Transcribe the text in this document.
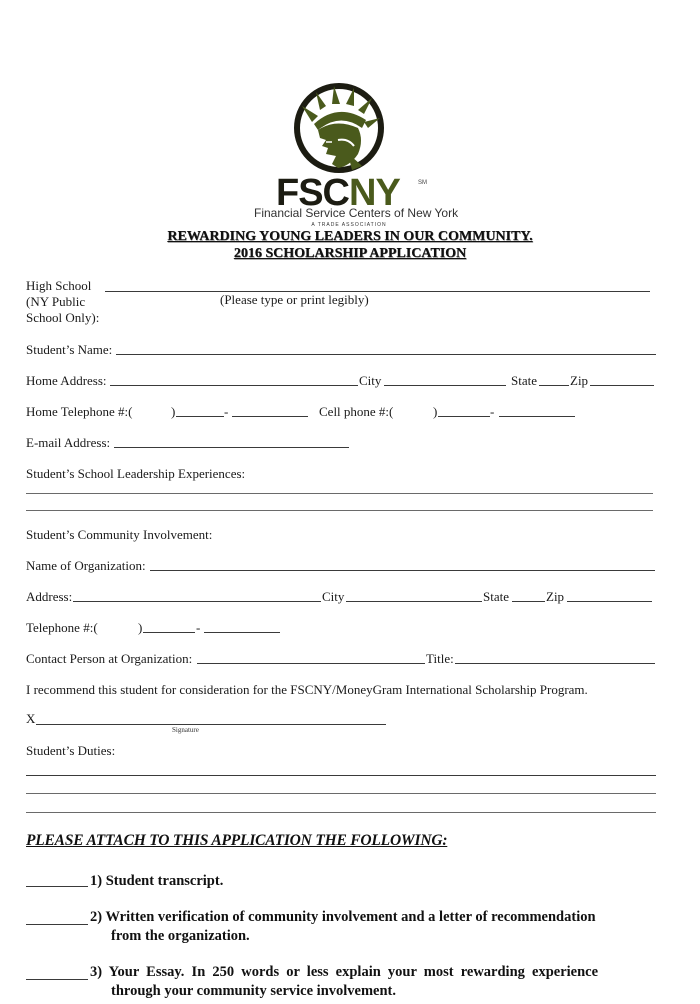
FSCNY	SM
Financial Service Centers of New York
A TRADE ASSOCIATION
REWARDING YOUNG LEADERS IN OUR COMMUNITY.
2016 SCHOLARSHIP APPLICATION
High School
(NY Public
School Only):
(Please type or print legibly)
Student’s Name:
Home Address:	City	State	Zip
Home Telephone #:(	)	-	Cell phone #:(	)	-
E-mail Address:
Student’s School Leadership Experiences:
Student’s Community Involvement:
Name of Organization:
Address:	City	State	Zip
Telephone #:(	)	-
Contact Person at Organization:	Title:
I recommend this student for consideration for the FSCNY/MoneyGram International Scholarship Program.
X
Signature
Student’s Duties:
PLEASE ATTACH TO THIS APPLICATION THE FOLLOWING:
1) Student transcript.
2) Written verification of community involvement and a letter of recommendation
from the organization.
3) Your Essay. In 250 words or less explain your most rewarding experience
through your community service involvement.
